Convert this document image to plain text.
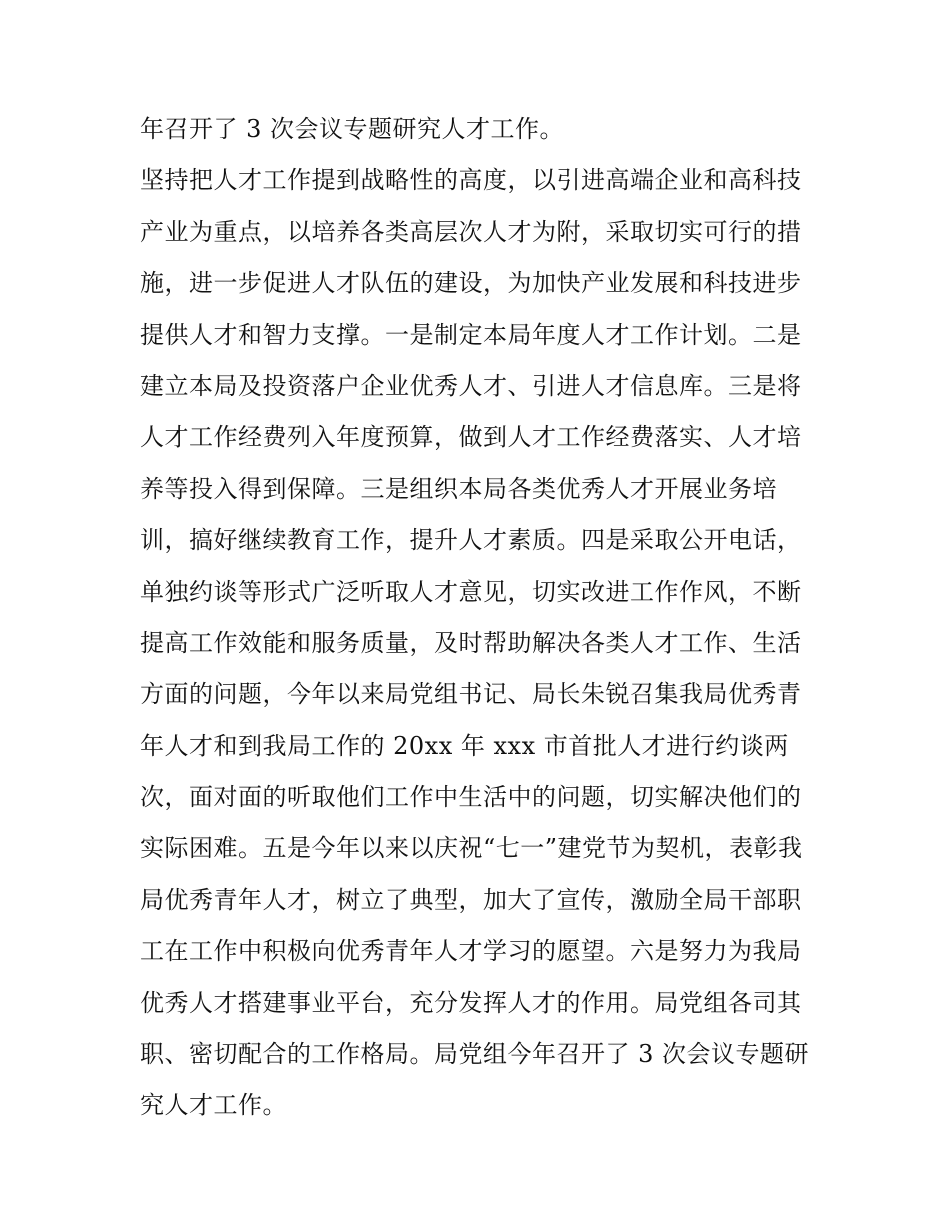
年召开了 3 次会议专题研究人才工作。
坚持把人才工作提到战略性的高度，以引进高端企业和高科技
产业为重点，以培养各类高层次人才为附，采取切实可行的措
施，进一步促进人才队伍的建设，为加快产业发展和科技进步
提供人才和智力支撑。一是制定本局年度人才工作计划。二是
建立本局及投资落户企业优秀人才、引进人才信息库。三是将
人才工作经费列入年度预算，做到人才工作经费落实、人才培
养等投入得到保障。三是组织本局各类优秀人才开展业务培
训，搞好继续教育工作，提升人才素质。四是采取公开电话，
单独约谈等形式广泛听取人才意见，切实改进工作作风，不断
提高工作效能和服务质量，及时帮助解决各类人才工作、生活
方面的问题，今年以来局党组书记、局长朱锐召集我局优秀青
年人才和到我局工作的 20xx 年 xxx 市首批人才进行约谈两
次，面对面的听取他们工作中生活中的问题，切实解决他们的
实际困难。五是今年以来以庆祝“七一”建党节为契机，表彰我
局优秀青年人才，树立了典型，加大了宣传，激励全局干部职
工在工作中积极向优秀青年人才学习的愿望。六是努力为我局
优秀人才搭建事业平台，充分发挥人才的作用。局党组各司其
职、密切配合的工作格局。局党组今年召开了 3 次会议专题研
究人才工作。
